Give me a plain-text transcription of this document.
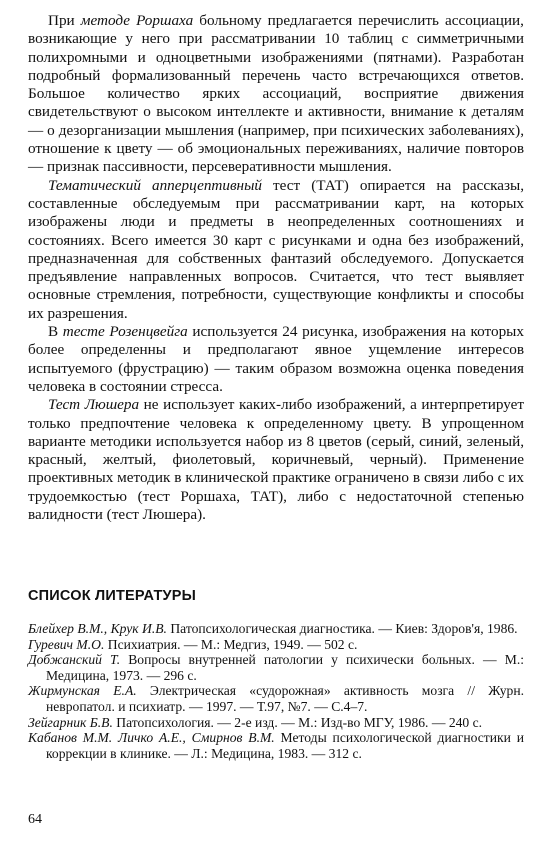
При методе Роршаха больному предлагается перечислить ассоциации, возникающие у него при рассматривании 10 таблиц с симметричными полихромными и одноцветными изображениями (пятнами). Разработан подробный формализованный перечень часто встречающихся ответов. Большое количество ярких ассоциаций, восприятие движения свидетельствуют о высоком интеллекте и активности, внимание к деталям — о дезорганизации мышления (например, при психических заболеваниях), отношение к цвету — об эмоциональных переживаниях, наличие повторов — признак пассивности, персеверативности мышления.

Тематический апперцептивный тест (ТАТ) опирается на рассказы, составленные обследуемым при рассматривании карт, на которых изображены люди и предметы в неопределенных соотношениях и состояниях. Всего имеется 30 карт с рисунками и одна без изображений, предназначенная для собственных фантазий обследуемого. Допускается предъявление направленных вопросов. Считается, что тест выявляет основные стремления, потребности, существующие конфликты и способы их разрешения.

В тесте Розенцвейга используется 24 рисунка, изображения на которых более определенны и предполагают явное ущемление интересов испытуемого (фрустрацию) — таким образом возможна оценка поведения человека в состоянии стресса.

Тест Люшера не использует каких-либо изображений, а интерпретирует только предпочтение человека к определенному цвету. В упрощенном варианте методики используется набор из 8 цветов (серый, синий, зеленый, красный, желтый, фиолетовый, коричневый, черный). Применение проективных методик в клинической практике ограничено в связи либо с их трудоемкостью (тест Роршаха, ТАТ), либо с недостаточной степенью валидности (тест Люшера).

СПИСОК ЛИТЕРАТУРЫ
Блейхер В.М., Крук И.В. Патопсихологическая диагностика. — Киев: Здоров'я, 1986.
Гуревич М.О. Психиатрия. — М.: Медгиз, 1949. — 502 с.
Добжанский Т. Вопросы внутренней патологии у психически больных. — М.: Медицина, 1973. — 296 с.
Жирмунская Е.А. Электрическая «судорожная» активность мозга // Журн. невропатол. и психиатр. — 1997. — Т.97, №7. — С.4–7.
Зейгарник Б.В. Патопсихология. — 2-е изд. — М.: Изд-во МГУ, 1986. — 240 с.
Кабанов М.М. Личко А.Е., Смирнов В.М. Методы психологической диагностики и коррекции в клинике. — Л.: Медицина, 1983. — 312 с.

64
